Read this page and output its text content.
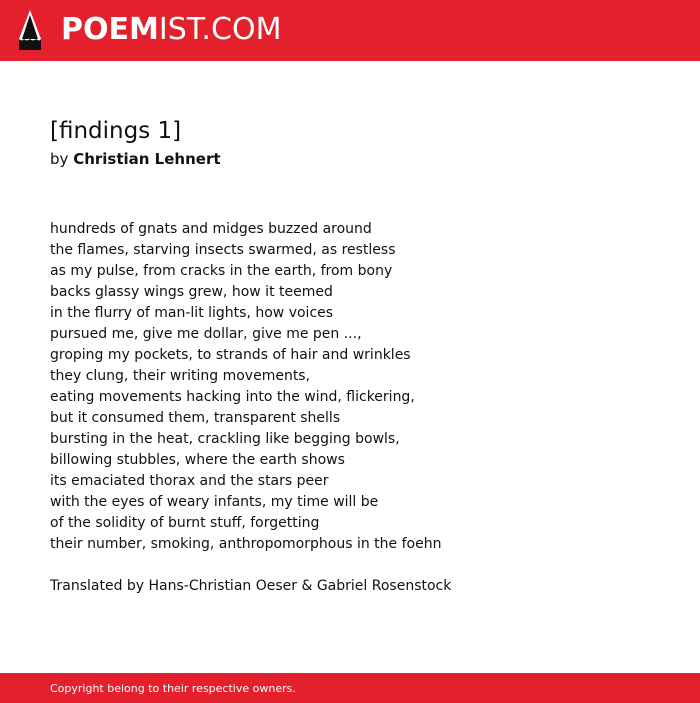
POEMIST.COM
[findings 1]
by Christian Lehnert
hundreds of gnats and midges buzzed around
the flames, starving insects swarmed, as restless
as my pulse, from cracks in the earth, from bony
backs glassy wings grew, how it teemed
in the flurry of man-lit lights, how voices
pursued me, give me dollar, give me pen ...,
groping my pockets, to strands of hair and wrinkles
they clung, their writing movements,
eating movements hacking into the wind, flickering,
but it consumed them, transparent shells
bursting in the heat, crackling like begging bowls,
billowing stubbles, where the earth shows
its emaciated thorax and the stars peer
with the eyes of weary infants, my time will be
of the solidity of burnt stuff, forgetting
their number, smoking, anthropomorphous in the foehn
Translated by Hans-Christian Oeser & Gabriel Rosenstock
Copyright belong to their respective owners.
